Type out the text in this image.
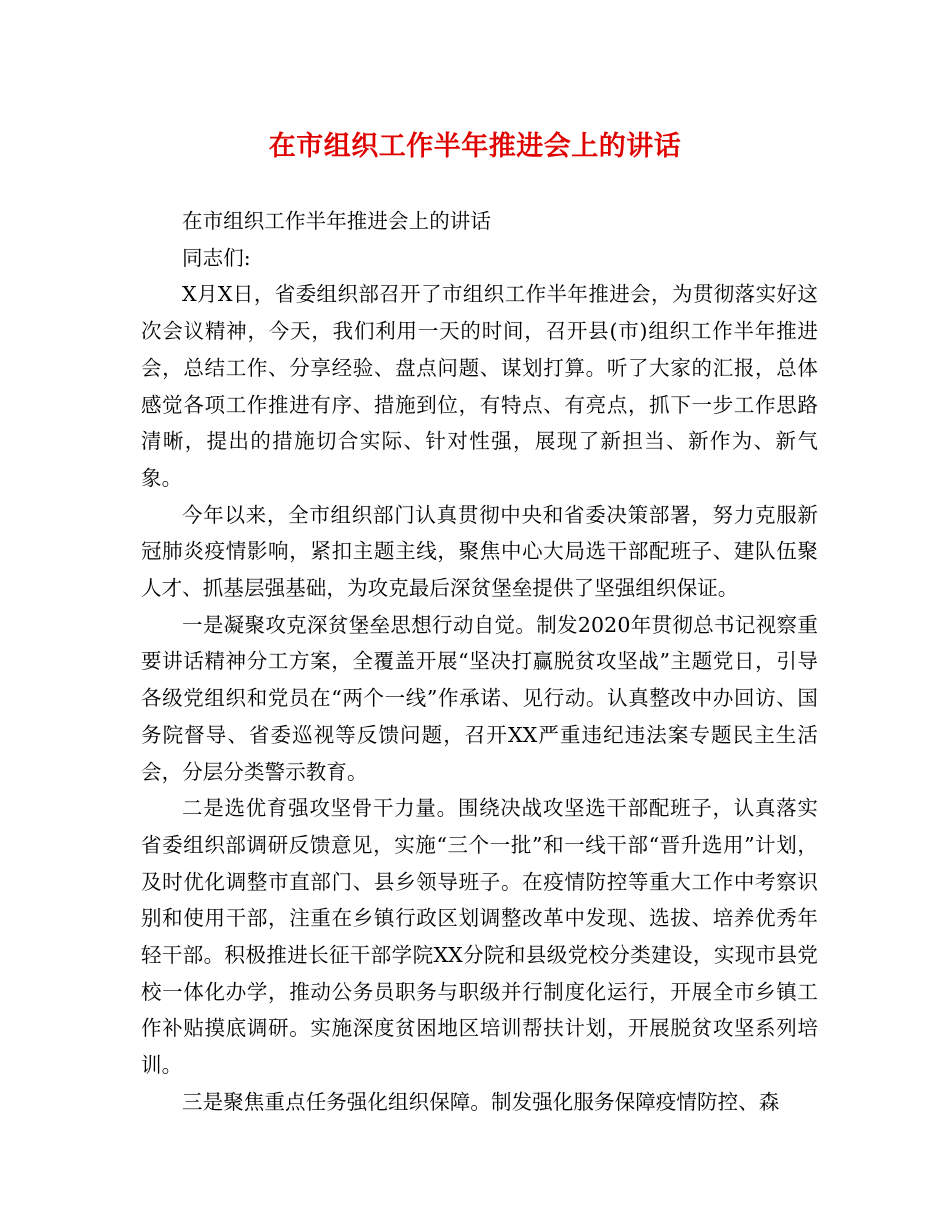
在市组织工作半年推进会上的讲话

在市组织工作半年推进会上的讲话

同志们:

X月X日，省委组织部召开了市组织工作半年推进会，为贯彻落实好这次会议精神，今天，我们利用一天的时间，召开县(市)组织工作半年推进会，总结工作、分享经验、盘点问题、谋划打算。听了大家的汇报，总体感觉各项工作推进有序、措施到位，有特点、有亮点，抓下一步工作思路清晰，提出的措施切合实际、针对性强，展现了新担当、新作为、新气象。

今年以来，全市组织部门认真贯彻中央和省委决策部署，努力克服新冠肺炎疫情影响，紧扣主题主线，聚焦中心大局选干部配班子、建队伍聚人才、抓基层强基础，为攻克最后深贫堡垒提供了坚强组织保证。

一是凝聚攻克深贫堡垒思想行动自觉。制发2020年贯彻总书记视察重要讲话精神分工方案，全覆盖开展“坚决打赢脱贫攻坚战”主题党日，引导各级党组织和党员在“两个一线”作承诺、见行动。认真整改中办回访、国务院督导、省委巡视等反馈问题，召开XX严重违纪违法案专题民主生活会，分层分类警示教育。

二是选优育强攻坚骨干力量。围绕决战攻坚选干部配班子，认真落实省委组织部调研反馈意见，实施“三个一批”和一线干部“晋升选用”计划，及时优化调整市直部门、县乡领导班子。在疫情防控等重大工作中考察识别和使用干部，注重在乡镇行政区划调整改革中发现、选拔、培养优秀年轻干部。积极推进长征干部学院XX分院和县级党校分类建设，实现市县党校一体化办学，推动公务员职务与职级并行制度化运行，开展全市乡镇工作补贴摸底调研。实施深度贫困地区培训帮扶计划，开展脱贫攻坚系列培训。

三是聚焦重点任务强化组织保障。制发强化服务保障疫情防控、森
